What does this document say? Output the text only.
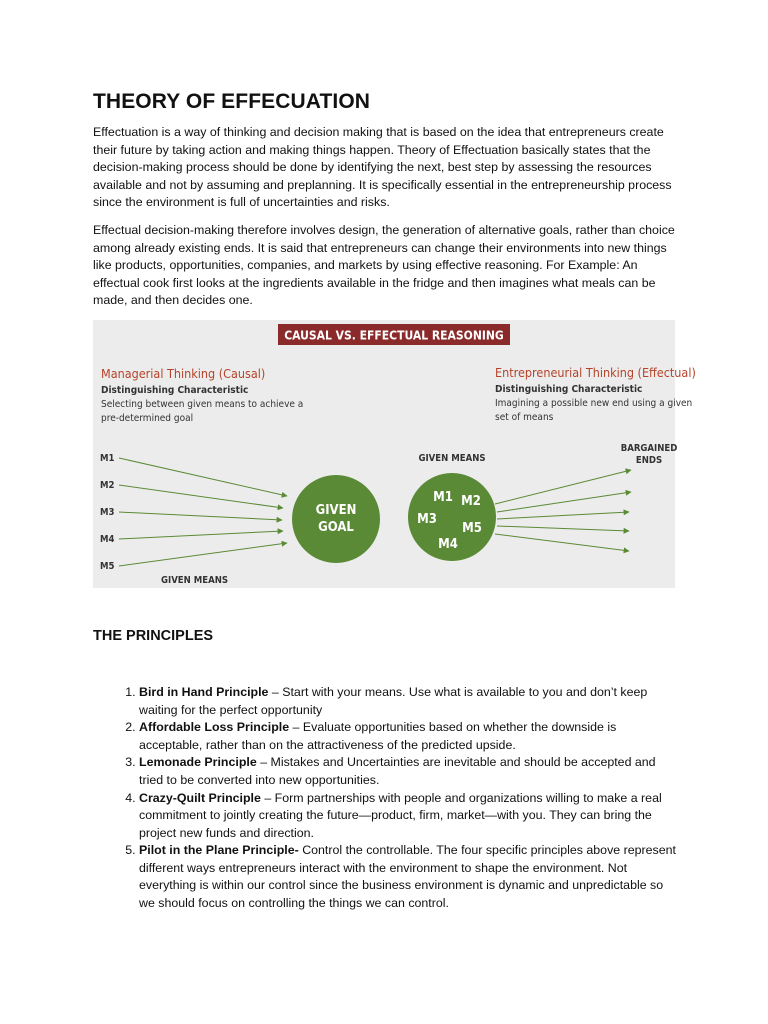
THEORY OF EFFECUATION

Effectuation is a way of thinking and decision making that is based on the idea that entrepreneurs create their future by taking action and making things happen. Theory of Effectuation basically states that the decision-making process should be done by identifying the next, best step by assessing the resources available and not by assuming and preplanning. It is specifically essential in the entrepreneurship process since the environment is full of uncertainties and risks.

Effectual decision-making therefore involves design, the generation of alternative goals, rather than choice among already existing ends. It is said that entrepreneurs can change their environments into new things like products, opportunities, companies, and markets by using effective reasoning. For Example: An effectual cook first looks at the ingredients available in the fridge and then imagines what meals can be made, and then decides one.

CAUSAL VS. EFFECTUAL REASONING
Managerial Thinking (Causal)
Distinguishing Characteristic
Selecting between given means to achieve a
pre-determined goal
Entrepreneurial Thinking (Effectual)
Distinguishing Characteristic
Imagining a possible new end using a given
set of means
M1
M2
M3
M4
M5
GIVEN MEANS
GIVEN
GOAL
GIVEN MEANS
M1 M2
M3
M5
M4
BARGAINED
ENDS
THE PRINCIPLES
1. Bird in Hand Principle – Start with your means. Use what is available to you and don’t keep waiting for the perfect opportunity
2. Affordable Loss Principle – Evaluate opportunities based on whether the downside is acceptable, rather than on the attractiveness of the predicted upside.
3. Lemonade Principle – Mistakes and Uncertainties are inevitable and should be accepted and tried to be converted into new opportunities.
4. Crazy-Quilt Principle – Form partnerships with people and organizations willing to make a real commitment to jointly creating the future—product, firm, market—with you. They can bring the project new funds and direction.
5. Pilot in the Plane Principle- Control the controllable. The four specific principles above represent different ways entrepreneurs interact with the environment to shape the environment. Not everything is within our control since the business environment is dynamic and unpredictable so we should focus on controlling the things we can control.
